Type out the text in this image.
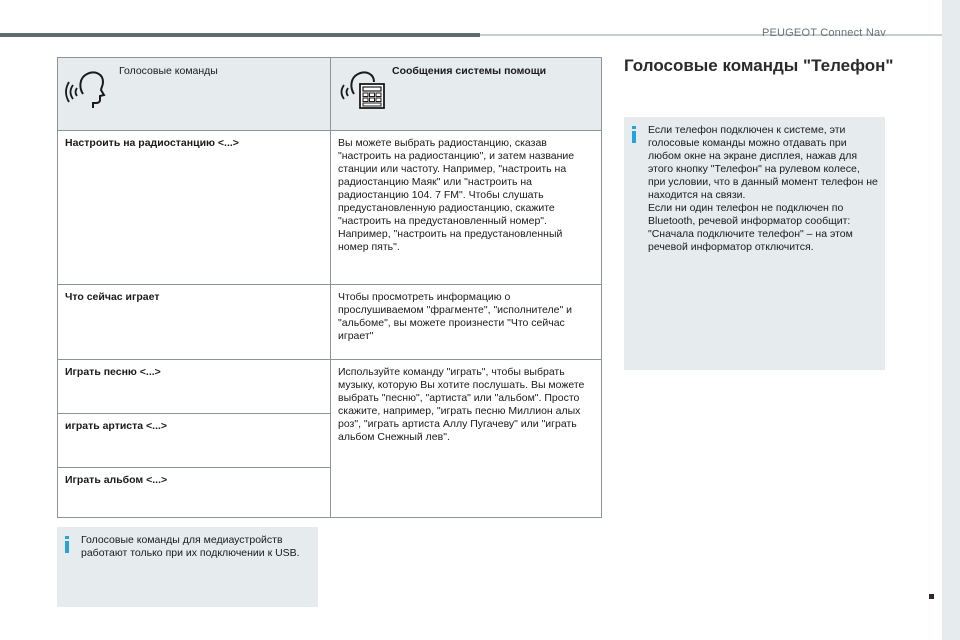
PEUGEOT Connect Nav
Голосовые команды	Сообщения системы помощи

Настроить на радиостанцию <...>	Вы можете выбрать радиостанцию, сказав "настроить на радиостанцию", и затем название станции или частоту. Например, "настроить на радиостанцию Маяк" или "настроить на радиостанцию 104. 7 FM". Чтобы слушать предустановленную радиостанцию, скажите "настроить на предустановленный номер". Например, "настроить на предустановленный номер пять".
Что сейчас играет	Чтобы просмотреть информацию о прослушиваемом "фрагменте", "исполнителе" и "альбоме", вы можете произнести "Что сейчас играет"
Играть песню <...>	Используйте команду "играть", чтобы выбрать музыку, которую Вы хотите послушать. Вы можете выбрать "песню", "артиста" или "альбом". Просто скажите, например, "играть песню Миллион алых роз", "играть артиста Аллу Пугачеву" или "играть альбом Снежный лев".
играть артиста <...>	
Играть альбом <...>	
Голосовые команды для медиаустройств работают только при их подключении к USB.
Голосовые команды "Телефон"
Если телефон подключен к системе, эти голосовые команды можно отдавать при любом окне на экране дисплея, нажав для этого кнопку "Телефон" на рулевом колесе, при условии, что в данный момент телефон не находится на связи.
Если ни один телефон не подключен по Bluetooth, речевой информатор сообщит: "Сначала подключите телефон" – на этом речевой информатор отключится.
9
